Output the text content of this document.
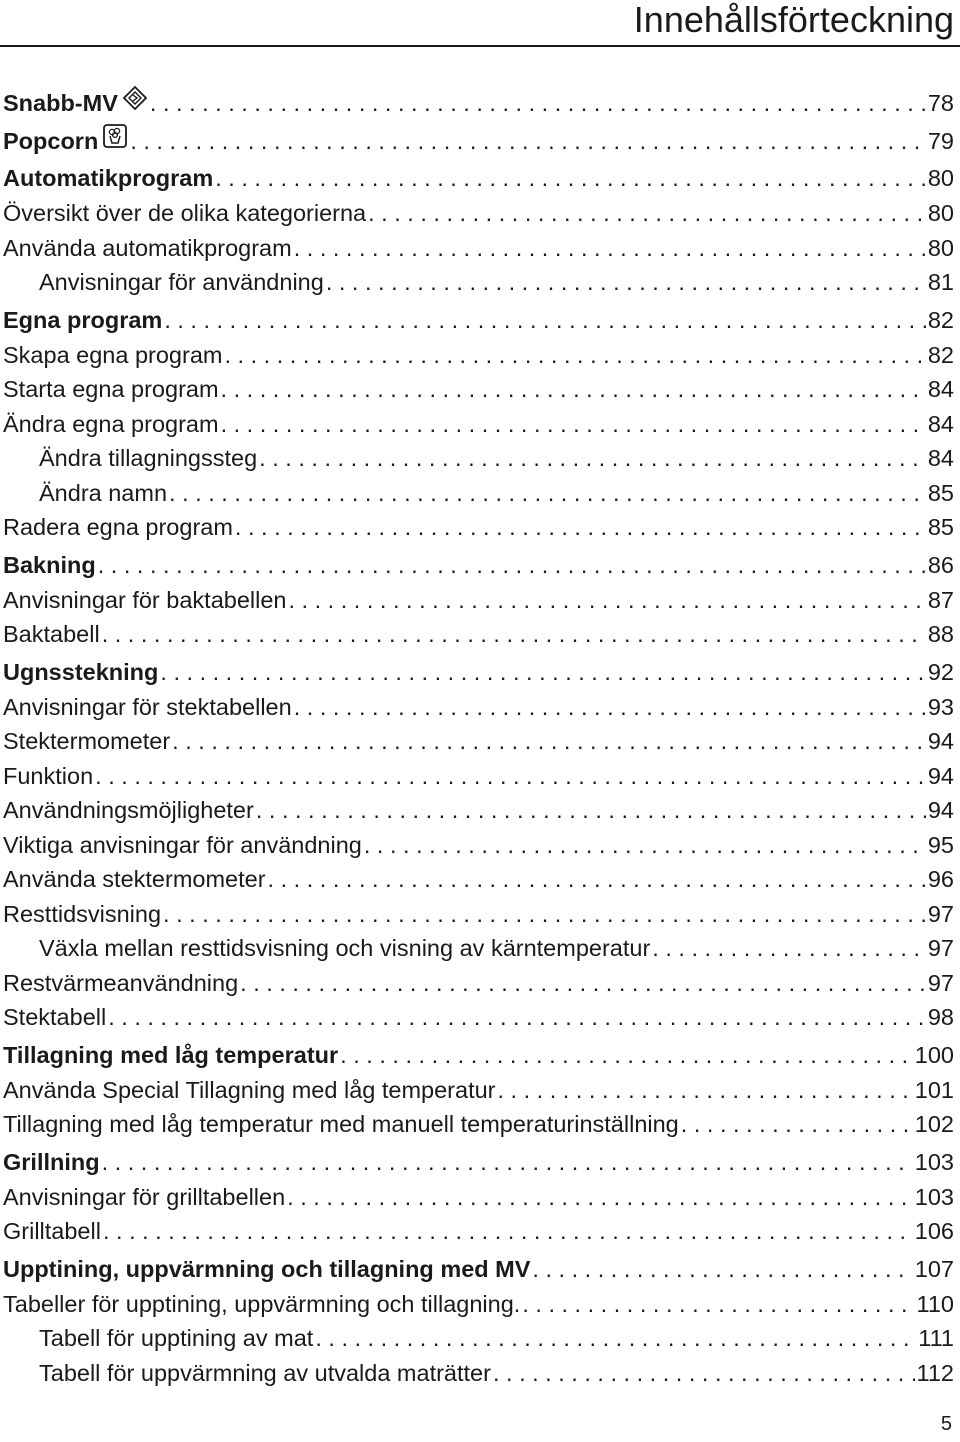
Innehållsförteckning
Snabb-MV . . .	78
Popcorn . . .	79
Automatikprogram . . .	80
Översikt över de olika kategorierna . . .	80
Använda automatikprogram . . .	80
Anvisningar för användning . . .	81
Egna program . . .	82
Skapa egna program . . .	82
Starta egna program . . .	84
Ändra egna program . . .	84
Ändra tillagningssteg . . .	84
Ändra namn . . .	85
Radera egna program . . .	85
Bakning . . .	86
Anvisningar för baktabellen . . .	87
Baktabell . . .	88
Ugnsstekning . . .	92
Anvisningar för stektabellen . . .	93
Stektermometer . . .	94
Funktion . . .	94
Användningsmöjligheter . . .	94
Viktiga anvisningar för användning . . .	95
Använda stektermometer . . .	96
Resttidsvisning . . .	97
Växla mellan resttidsvisning och visning av kärntemperatur . . .	97
Restvärmeanvändning . . .	97
Stektabell . . .	98
Tillagning med låg temperatur . . .	100
Använda Special Tillagning med låg temperatur . . .	101
Tillagning med låg temperatur med manuell temperaturinställning . . .	102
Grillning . . .	103
Anvisningar för grilltabellen . . .	103
Grilltabell . . .	106
Upptining, uppvärmning och tillagning med MV . . .	107
Tabeller för upptining, uppvärmning och tillagning. . . .	110
Tabell för upptining av mat . . .	111
Tabell för uppvärmning av utvalda maträtter . . .	112

5
